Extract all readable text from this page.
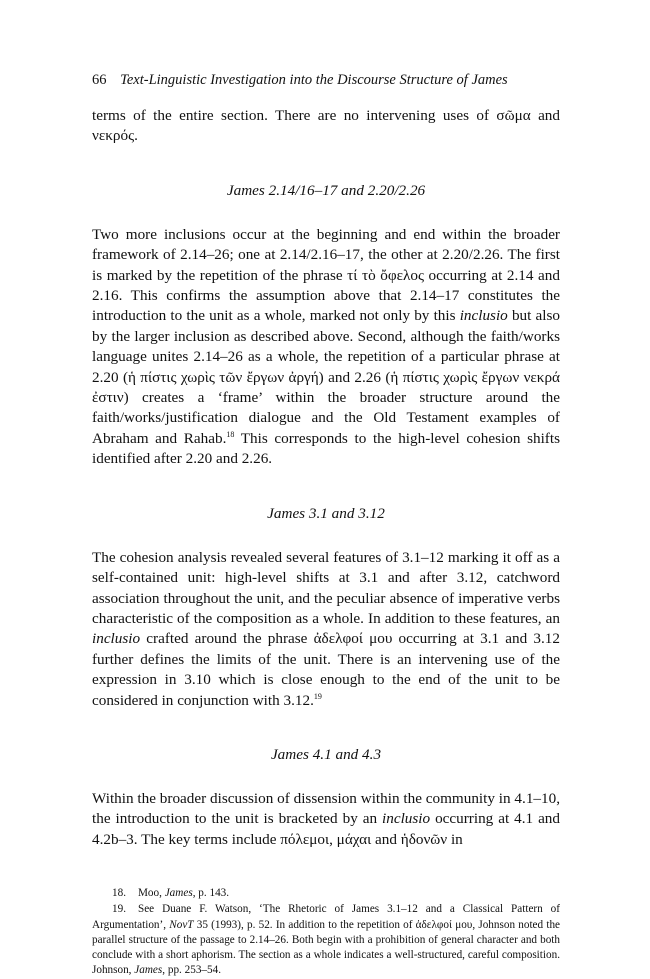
66 Text-Linguistic Investigation into the Discourse Structure of James

terms of the entire section. There are no intervening uses of σῶμα and νεκρός.

James 2.14/16–17 and 2.20/2.26

Two more inclusions occur at the beginning and end within the broader framework of 2.14–26; one at 2.14/2.16–17, the other at 2.20/2.26. The first is marked by the repetition of the phrase τί τὸ ὄφελος occurring at 2.14 and 2.16. This confirms the assumption above that 2.14–17 constitutes the introduction to the unit as a whole, marked not only by this inclusio but also by the larger inclusion as described above. Second, although the faith/works language unites 2.14–26 as a whole, the repetition of a particular phrase at 2.20 (ἡ πίστις χωρὶς τῶν ἔργων ἀργή) and 2.26 (ἡ πίστις χωρὶς ἔργων νεκρά ἐστιν) creates a ‘frame’ within the broader structure around the faith/works/justification dialogue and the Old Testament examples of Abraham and Rahab.$^{18}$ This corresponds to the high-level cohesion shifts identified after 2.20 and 2.26.

James 3.1 and 3.12

The cohesion analysis revealed several features of 3.1–12 marking it off as a self-contained unit: high-level shifts at 3.1 and after 3.12, catchword association throughout the unit, and the peculiar absence of imperative verbs characteristic of the composition as a whole. In addition to these features, an inclusio crafted around the phrase ἀδελφοί μου occurring at 3.1 and 3.12 further defines the limits of the unit. There is an intervening use of the expression in 3.10 which is close enough to the end of the unit to be considered in conjunction with 3.12.19

James 4.1 and 4.3

Within the broader discussion of dissension within the community in 4.1–10, the introduction to the unit is bracketed by an inclusio occurring at 4.1 and 4.2b–3. The key terms include πόλεμοι, μάχαι and ἡδονῶν in

18. Moo, James, p. 143.
19. See Duane F. Watson, ‘The Rhetoric of James 3.1–12 and a Classical Pattern of Argumentation’, NovT 35 (1993), p. 52. In addition to the repetition of ἀδελφοί μου, Johnson noted the parallel structure of the passage to 2.14–26. Both begin with a prohibition of general character and both conclude with a short aphorism. The section as a whole indicates a well-structured, careful composition. Johnson, James, pp. 253–54.
